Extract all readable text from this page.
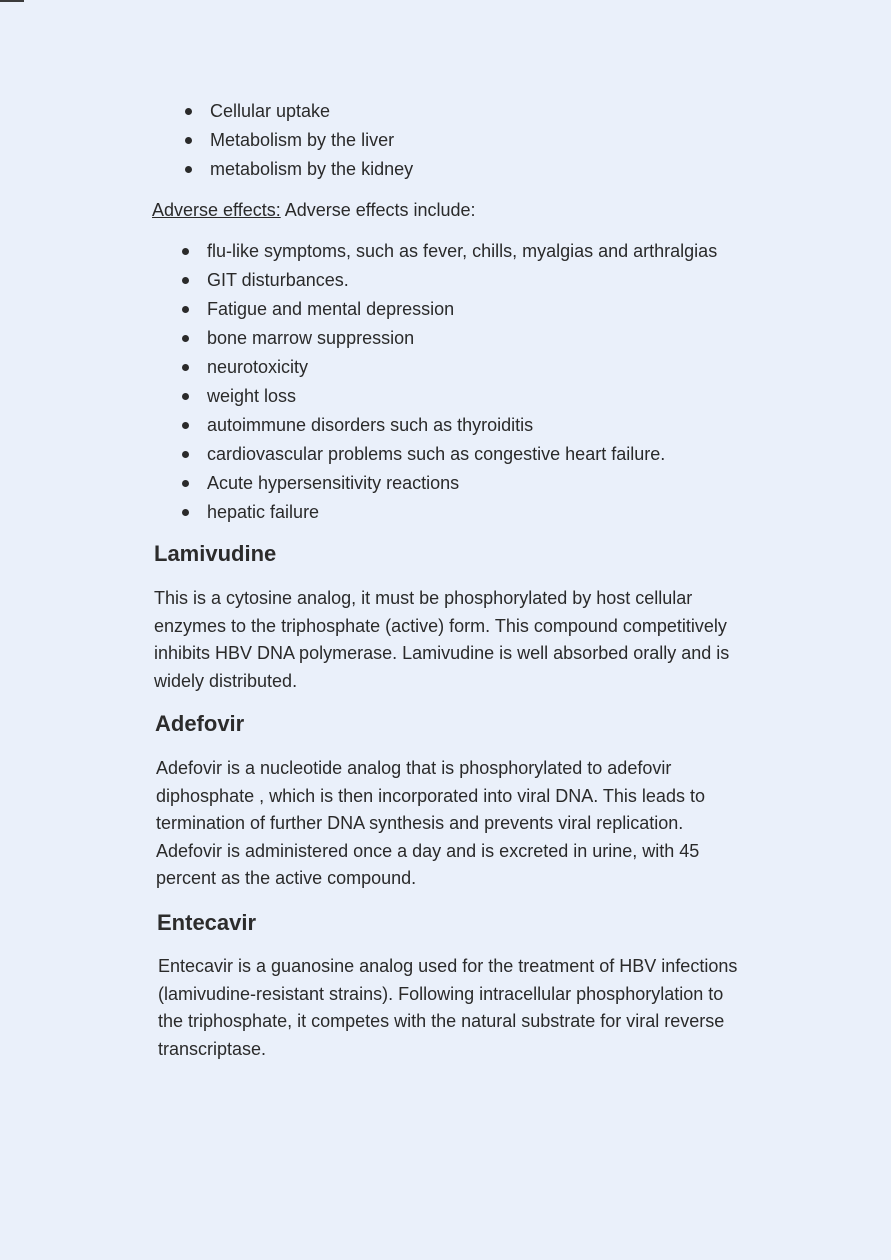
Cellular uptake
Metabolism by the liver
metabolism by the kidney
Adverse effects: Adverse effects include:
flu-like symptoms, such as fever, chills, myalgias and arthralgias
GIT disturbances.
Fatigue and mental depression
bone marrow suppression
neurotoxicity
weight loss
autoimmune disorders such as thyroiditis
cardiovascular problems such as congestive heart failure.
Acute hypersensitivity reactions
hepatic failure
Lamivudine

This is a cytosine analog, it must be phosphorylated by host cellular
enzymes to the triphosphate (active) form. This compound competitively
inhibits HBV DNA polymerase. Lamivudine is well absorbed orally and is
widely distributed.

Adefovir

Adefovir is a nucleotide analog that is phosphorylated to adefovir
diphosphate , which is then incorporated into viral DNA. This leads to
termination of further DNA synthesis and prevents viral replication.
Adefovir is administered once a day and is excreted in urine, with 45
percent as the active compound.

Entecavir

Entecavir is a guanosine analog used for the treatment of HBV infections
(lamivudine-resistant strains). Following intracellular phosphorylation to
the triphosphate, it competes with the natural substrate for viral reverse
transcriptase.
